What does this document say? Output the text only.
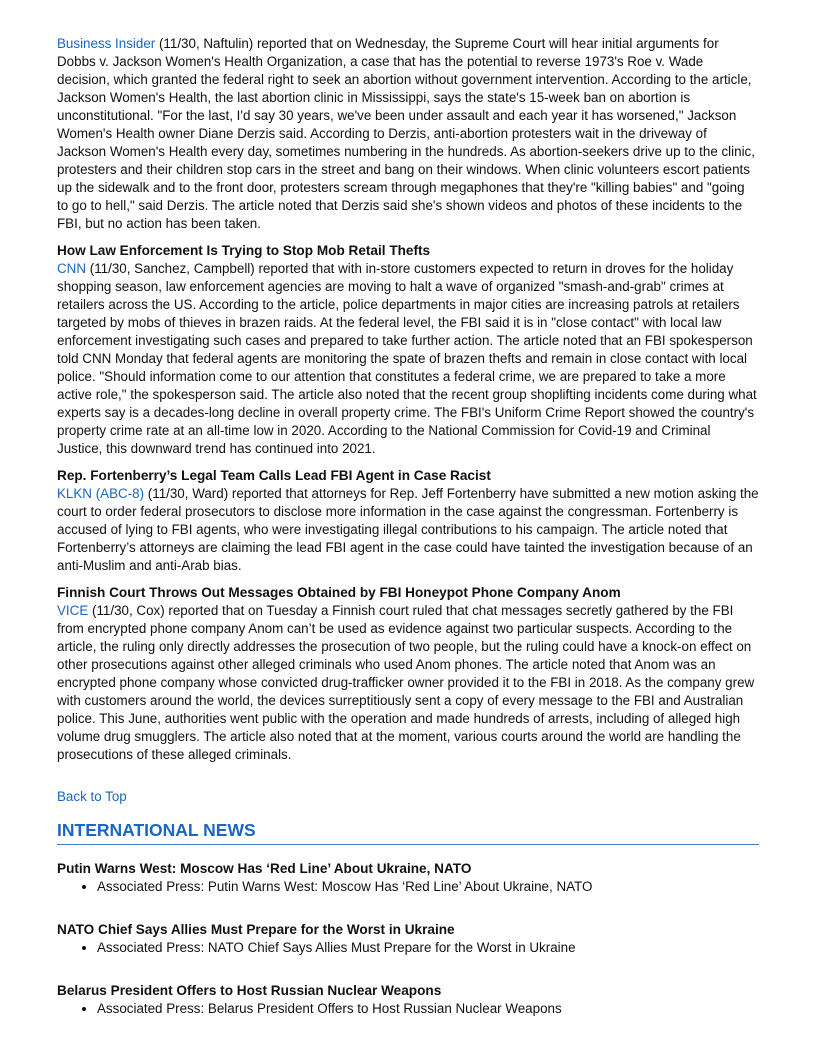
Business Insider (11/30, Naftulin) reported that on Wednesday, the Supreme Court will hear initial arguments for Dobbs v. Jackson Women's Health Organization, a case that has the potential to reverse 1973's Roe v. Wade decision, which granted the federal right to seek an abortion without government intervention. According to the article, Jackson Women's Health, the last abortion clinic in Mississippi, says the state's 15-week ban on abortion is unconstitutional. "For the last, I'd say 30 years, we've been under assault and each year it has worsened," Jackson Women's Health owner Diane Derzis said. According to Derzis, anti-abortion protesters wait in the driveway of Jackson Women's Health every day, sometimes numbering in the hundreds. As abortion-seekers drive up to the clinic, protesters and their children stop cars in the street and bang on their windows. When clinic volunteers escort patients up the sidewalk and to the front door, protesters scream through megaphones that they're "killing babies" and "going to go to hell," said Derzis. The article noted that Derzis said she's shown videos and photos of these incidents to the FBI, but no action has been taken.

How Law Enforcement Is Trying to Stop Mob Retail Thefts

CNN (11/30, Sanchez, Campbell) reported that with in-store customers expected to return in droves for the holiday shopping season, law enforcement agencies are moving to halt a wave of organized "smash-and-grab" crimes at retailers across the US. According to the article, police departments in major cities are increasing patrols at retailers targeted by mobs of thieves in brazen raids. At the federal level, the FBI said it is in "close contact" with local law enforcement investigating such cases and prepared to take further action. The article noted that an FBI spokesperson told CNN Monday that federal agents are monitoring the spate of brazen thefts and remain in close contact with local police. "Should information come to our attention that constitutes a federal crime, we are prepared to take a more active role," the spokesperson said. The article also noted that the recent group shoplifting incidents come during what experts say is a decades-long decline in overall property crime. The FBI's Uniform Crime Report showed the country's property crime rate at an all-time low in 2020. According to the National Commission for Covid-19 and Criminal Justice, this downward trend has continued into 2021.

Rep. Fortenberry’s Legal Team Calls Lead FBI Agent in Case Racist

KLKN (ABC-8) (11/30, Ward) reported that attorneys for Rep. Jeff Fortenberry have submitted a new motion asking the court to order federal prosecutors to disclose more information in the case against the congressman. Fortenberry is accused of lying to FBI agents, who were investigating illegal contributions to his campaign. The article noted that Fortenberry’s attorneys are claiming the lead FBI agent in the case could have tainted the investigation because of an anti-Muslim and anti-Arab bias.

Finnish Court Throws Out Messages Obtained by FBI Honeypot Phone Company Anom

VICE (11/30, Cox) reported that on Tuesday a Finnish court ruled that chat messages secretly gathered by the FBI from encrypted phone company Anom can’t be used as evidence against two particular suspects. According to the article, the ruling only directly addresses the prosecution of two people, but the ruling could have a knock-on effect on other prosecutions against other alleged criminals who used Anom phones. The article noted that Anom was an encrypted phone company whose convicted drug-trafficker owner provided it to the FBI in 2018. As the company grew with customers around the world, the devices surreptitiously sent a copy of every message to the FBI and Australian police. This June, authorities went public with the operation and made hundreds of arrests, including of alleged high volume drug smugglers. The article also noted that at the moment, various courts around the world are handling the prosecutions of these alleged criminals.

Back to Top
INTERNATIONAL NEWS
Putin Warns West: Moscow Has ‘Red Line’ About Ukraine, NATO
• Associated Press: Putin Warns West: Moscow Has ‘Red Line’ About Ukraine, NATO
NATO Chief Says Allies Must Prepare for the Worst in Ukraine
• Associated Press: NATO Chief Says Allies Must Prepare for the Worst in Ukraine
Belarus President Offers to Host Russian Nuclear Weapons
• Associated Press: Belarus President Offers to Host Russian Nuclear Weapons
